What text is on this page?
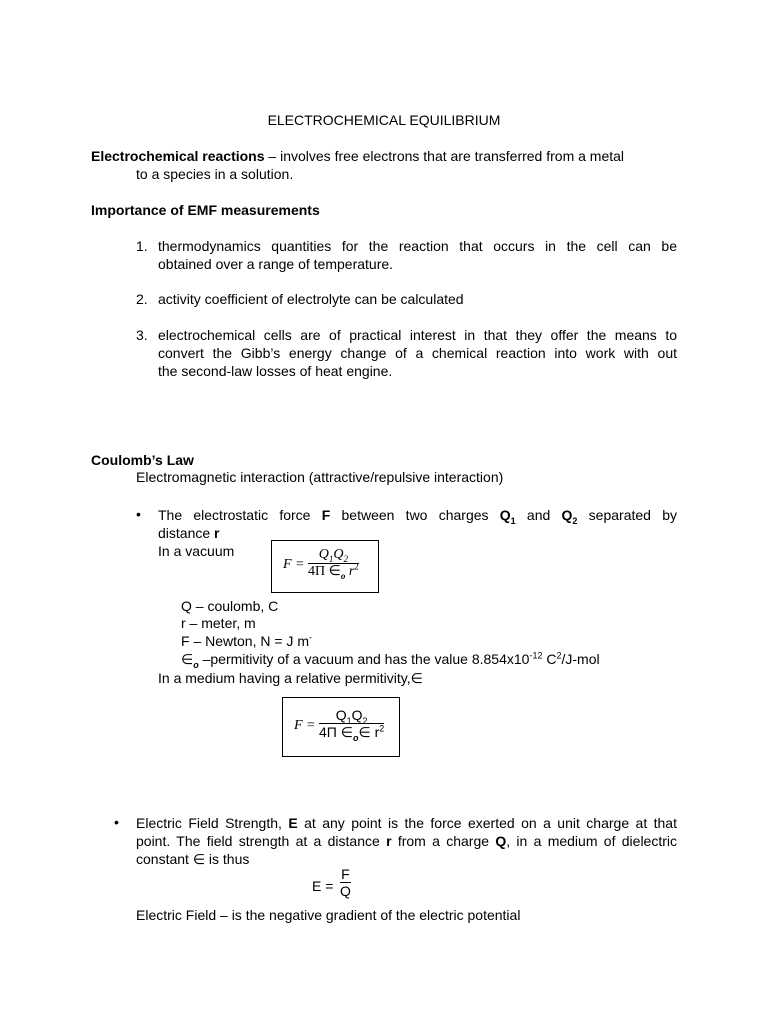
ELECTROCHEMICAL EQUILIBRIUM
Electrochemical reactions – involves free electrons that are transferred from a metal
to a species in a solution.
Importance of EMF measurements
1. thermodynamics quantities for the reaction that occurs in the cell can be
obtained over a range of temperature.
2. activity coefficient of electrolyte can be calculated
3. electrochemical cells are of practical interest in that they offer the means to
convert the Gibb’s energy change of a chemical reaction into work with out
the second-law losses of heat engine.
Coulomb’s Law
Electromagnetic interaction (attractive/repulsive interaction)
• The electrostatic force F between two charges $Q_1$ and $Q_2$ separated by
distance r
In a vacuum
F =
$Q_1Q_2$
4Π $\in_o$ $r^2$
Q – coulomb, C
r – meter, m
F – Newton, N = J m-
$\in_o$ –permitivity of a vacuum and has the value $8.854x10^{-12}$ $C^2/J$-mol
In a medium having a relative permitivity,∈
F =
$Q_1Q_2$
4Π $\in_o\in$ $r^2$
• Electric Field Strength, E at any point is the force exerted on a unit charge at that
point. The field strength at a distance r from a charge Q, in a medium of dielectric
constant ∈ is thus
E =
F
Q
Electric Field – is the negative gradient of the electric potential
